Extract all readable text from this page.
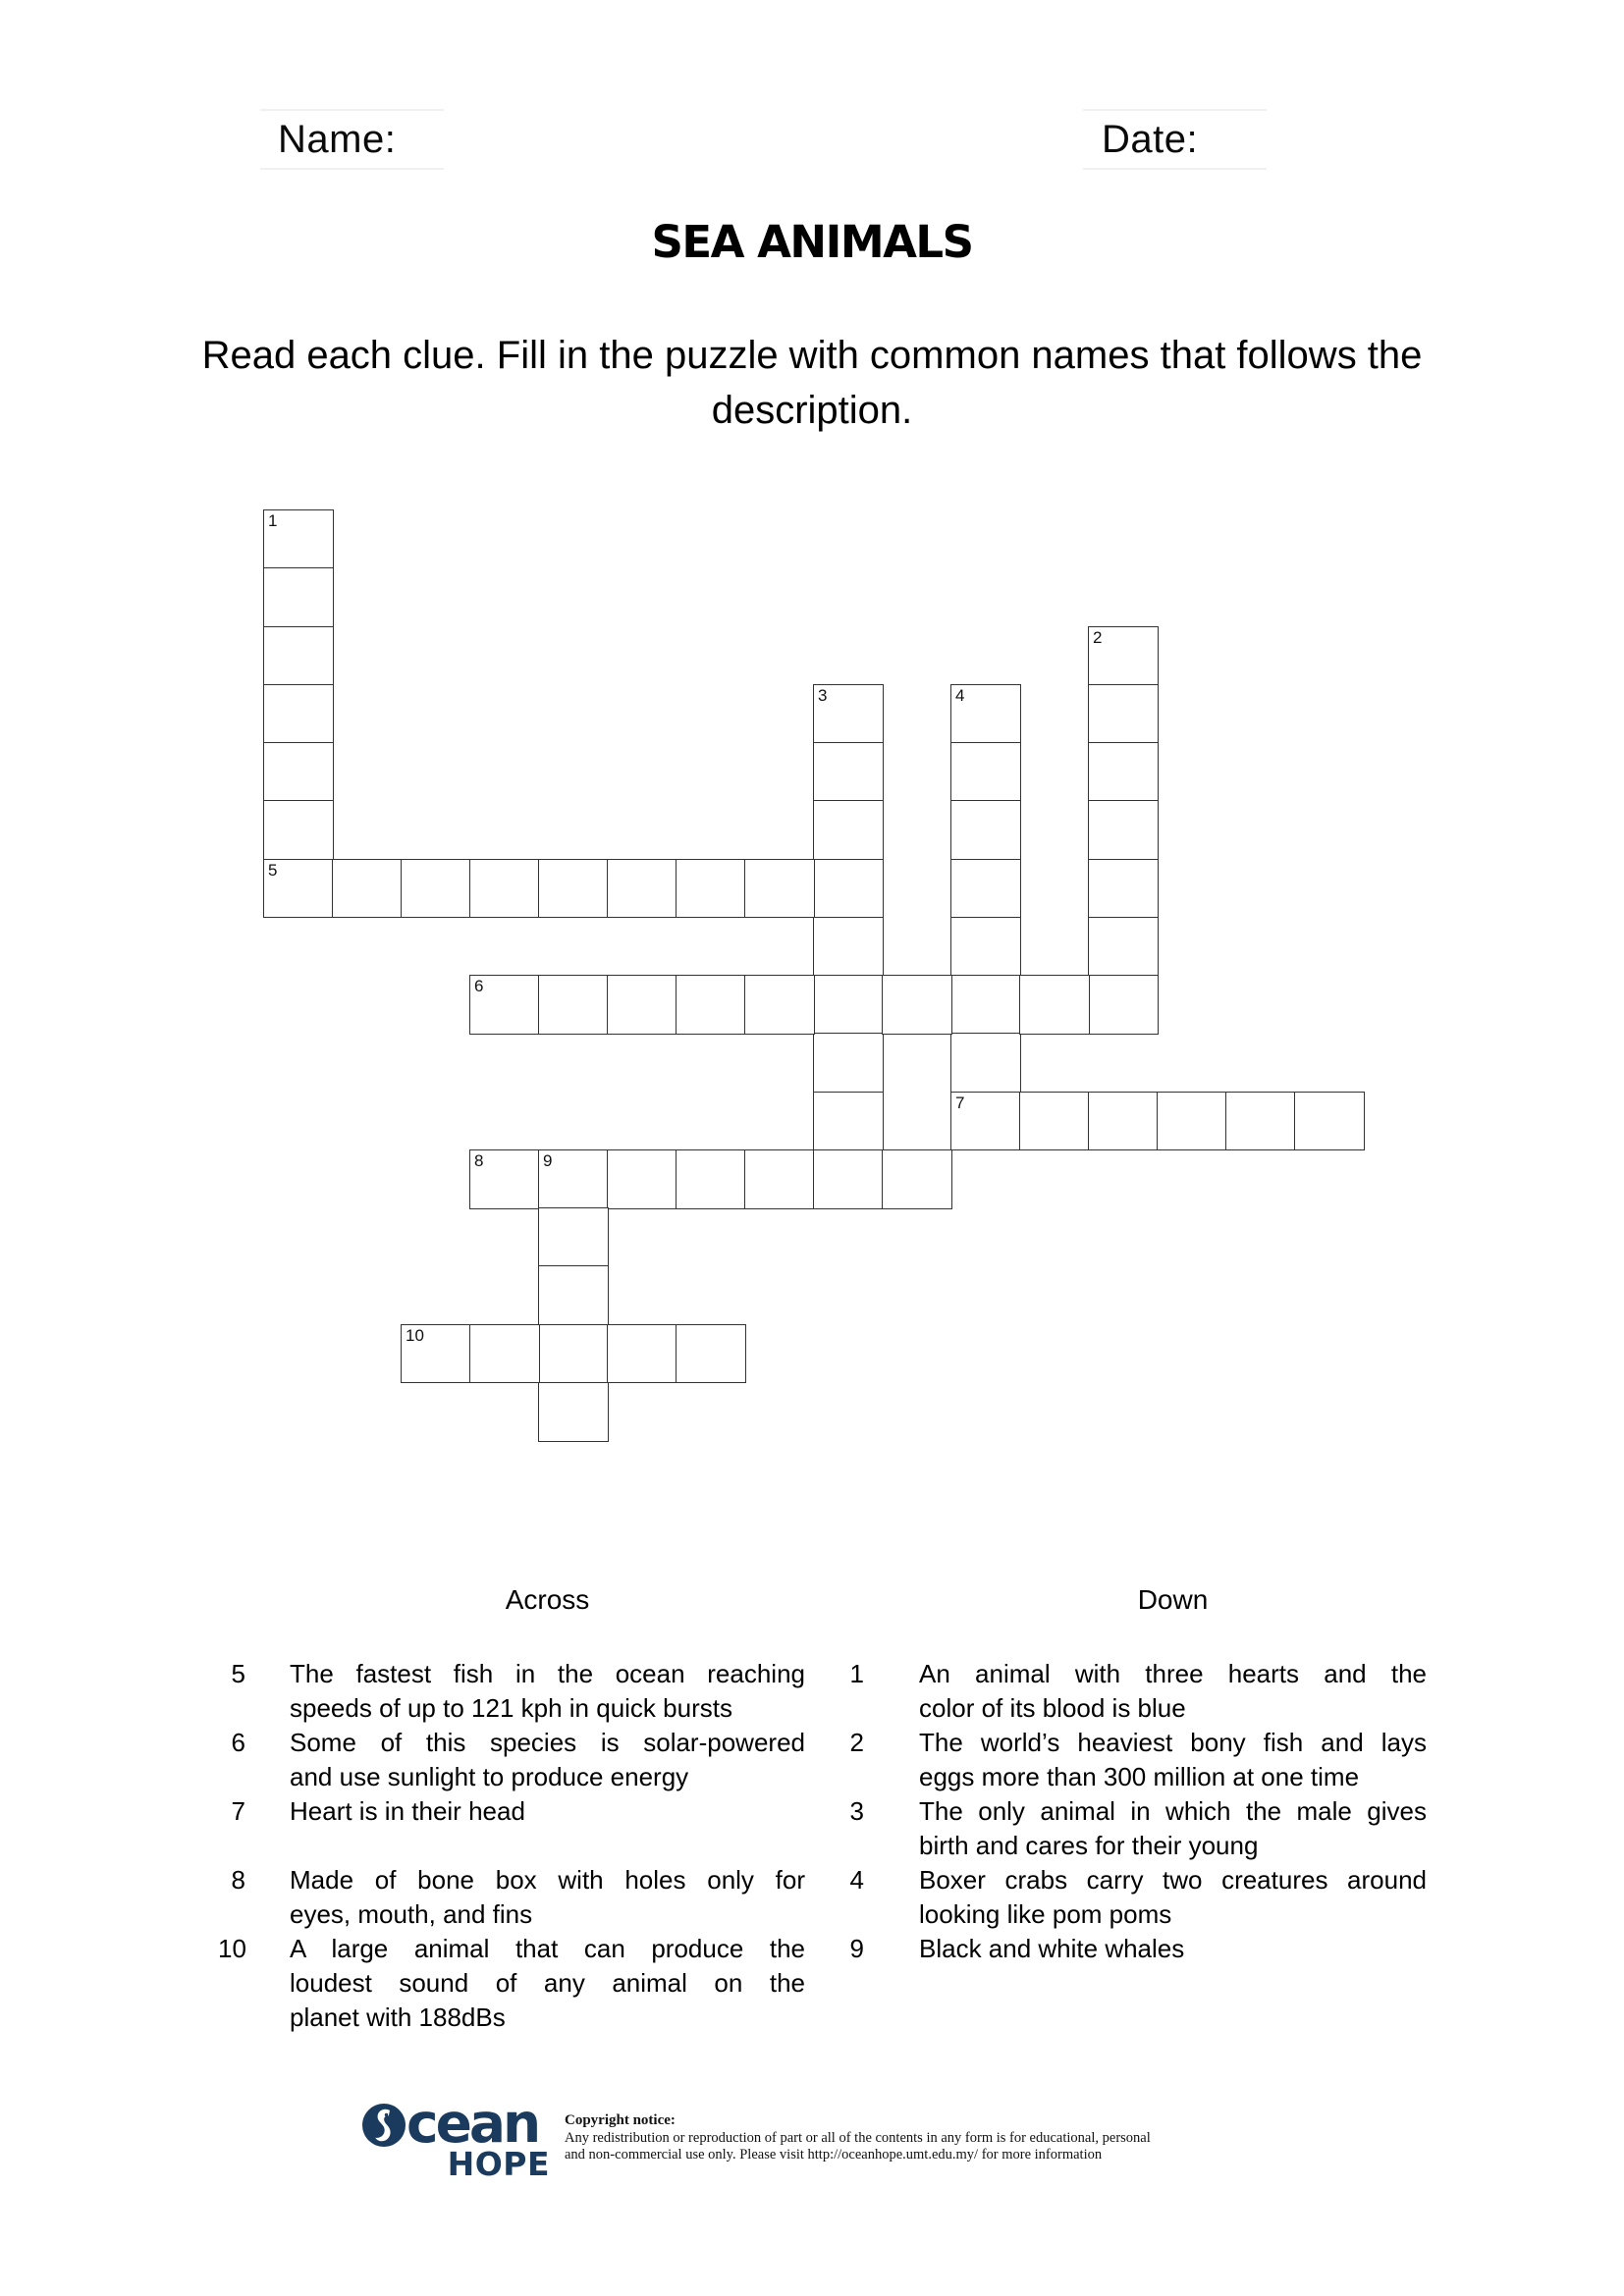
Name:	Date:
SEA ANIMALS
Read each clue. Fill in the puzzle with common names that follows the
description.
1
5
2
3	4
7
6
8	9
10
Across	Down
5 The fastest fish in the ocean reaching
speeds of up to 121 kph in quick bursts
6 Some of this species is solar-powered
and use sunlight to produce energy
7 Heart is in their head
8 Made of bone box with holes only for
eyes, mouth, and fins
10 A large animal that can produce the
loudest sound of any animal on the
planet with 188dBs
1 An animal with three hearts and the
color of its blood is blue
2 The world’s heaviest bony fish and lays
eggs more than 300 million at one time
3 The only animal in which the male gives
birth and cares for their young
4 Boxer crabs carry two creatures around
looking like pom poms
9 Black and white whales
cean
HOPE
Copyright notice:
Any redistribution or reproduction of part or all of the contents in any form is for educational, personal
and non-commercial use only. Please visit http://oceanhope.umt.edu.my/ for more information
